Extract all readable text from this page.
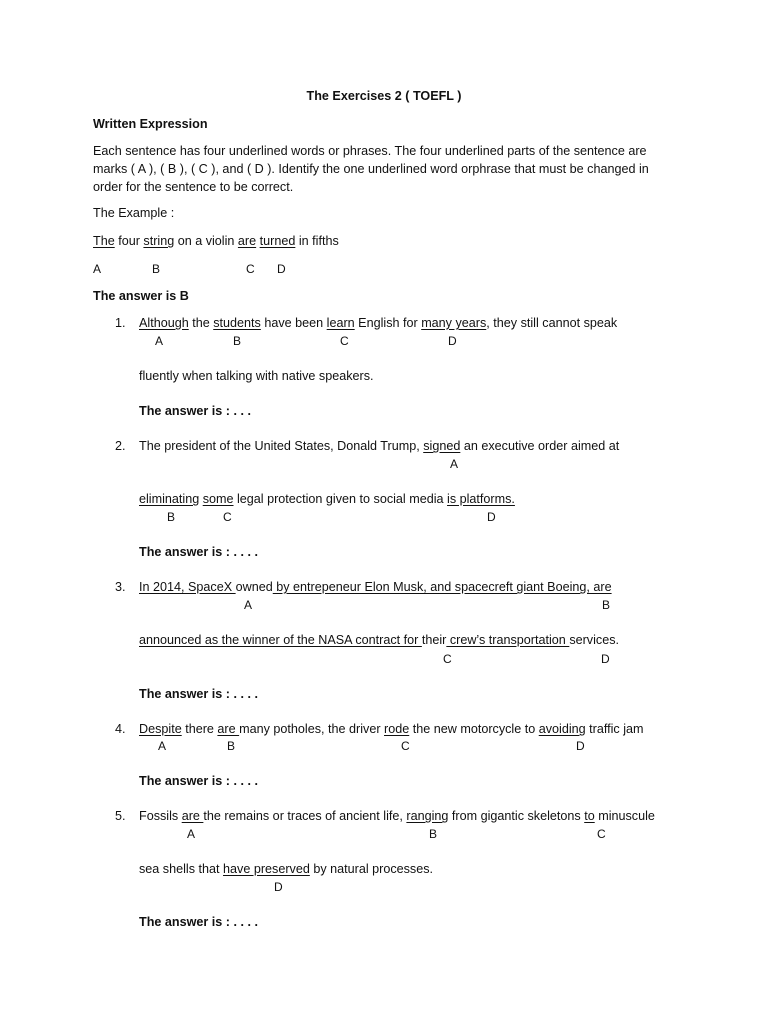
The Exercises 2 ( TOEFL )
Written Expression
Each sentence has four underlined words or phrases. The four underlined parts of the sentence are marks ( A ), ( B ), ( C ), and ( D ). Identify the one underlined word orphrase that must be changed in order for the sentence to be correct.
The Example :
The four string on a violin are turned in fifths
A	B	C D
The answer is B
1. Although the students have been learn English for many years, they still cannot speak
A	B	C	D
fluently when talking with native speakers.
The answer is : . . .
2. The president of the United States, Donald Trump, signed an executive order aimed at
A
eliminating some legal protection given to social media is platforms.
B	C	D
The answer is : . . . .
3. In 2014, SpaceX owned by entrepeneur Elon Musk, and spacecreft giant Boeing, are
A	B
announced as the winner of the NASA contract for their crew’s transportation services.
C	D
The answer is : . . . .
4. Despite there are many potholes, the driver rode the new motorcycle to avoiding traffic jam
A	B	C	D
The answer is : . . . .
5. Fossils are the remains or traces of ancient life, ranging from gigantic skeletons to minuscule
A	B	C
sea shells that have preserved by natural processes.
D
The answer is : . . . .
